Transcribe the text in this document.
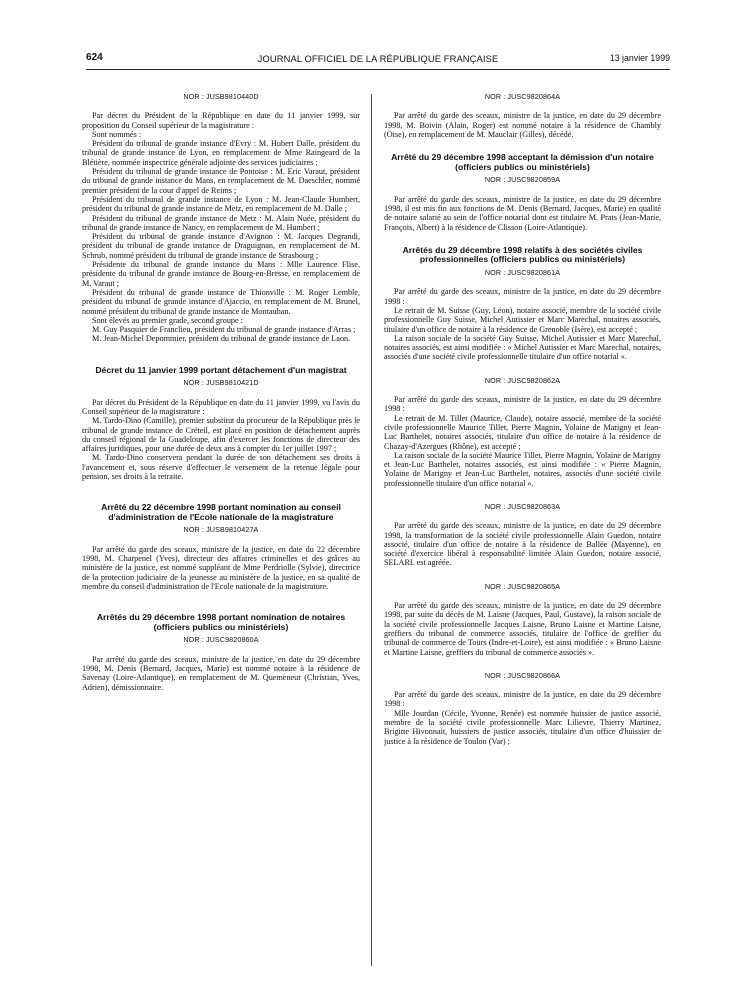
624	JOURNAL OFFICIEL DE LA RÉPUBLIQUE FRANÇAISE	13 janvier 1999
NOR : JUSB9810440D

Par décret du Président de la République en date du 11 janvier 1999, sur proposition du Conseil supérieur de la magistrature :

Sont nommés :

Président du tribunal de grande instance d'Evry : M. Hubert Dalle, président du tribunal de grande instance de Lyon, en remplacement de Mme Raingeard de la Blétière, nommée inspectrice générale adjointe des services judiciaires ;

Président du tribunal de grande instance de Pontoise : M. Eric Varaut, président du tribunal de grande instance du Mans, en remplacement de M. Daeschler, nommé premier président de la cour d'appel de Reims ;

Président du tribunal de grande instance de Lyon : M. Jean-Claude Humbert, président du tribunal de grande instance de Metz, en remplacement de M. Dalle ;

Président du tribunal de grande instance de Metz : M. Alain Nuée, président du tribunal de grande instance de Nancy, en remplacement de M. Humbert ;

Président du tribunal de grande instance d'Avignon : M. Jacques Degrandi, président du tribunal de grande instance de Draguignan, en remplacement de M. Schrub, nommé président du tribunal de grande instance de Strasbourg ;

Présidente du tribunal de grande instance du Mans : Mlle Laurence Flise, présidente du tribunal de grande instance de Bourg-en-Bresse, en remplacement de M. Varaut ;

Président du tribunal de grande instance de Thionville : M. Roger Lemble, président du tribunal de grande instance d'Ajaccio, en remplacement de M. Brunel, nommé président du tribunal de grande instance de Montauban.

Sont élevés au premier grade, second groupe :

M. Guy Pasquier de Franclieu, président du tribunal de grande instance d'Arras ;

M. Jean-Michel Depommier, président du tribunal de grande instance de Laon.

Décret du 11 janvier 1999 portant détachement d'un magistrat
NOR : JUSB9810421D

Par décret du Président de la République en date du 11 janvier 1999, vu l'avis du Conseil supérieur de la magistrature :

M. Tardo-Dino (Camille), premier substitut du procureur de la République près le tribunal de grande instance de Créteil, est placé en position de détachement auprès du conseil régional de la Guadeloupe, afin d'exercer les fonctions de directeur des affaires juridiques, pour une durée de deux ans à compter du 1er juillet 1997 ;

M. Tardo-Dino conservera pendant la durée de son détachement ses droits à l'avancement et, sous réserve d'effectuer le versement de la retenue légale pour pension, ses droits à la retraite.

Arrêté du 22 décembre 1998 portant nomination au conseil d'administration de l'Ecole nationale de la magistrature
NOR : JUSB9810427A

Par arrêté du garde des sceaux, ministre de la justice, en date du 22 décembre 1998, M. Charpenel (Yves), directeur des affaires criminelles et des grâces au ministère de la justice, est nommé suppléant de Mme Perdriolle (Sylvie), directrice de la protection judiciaire de la jeunesse au ministère de la justice, en sa qualité de membre du conseil d'administration de l'Ecole nationale de la magistrature.

Arrêtés du 29 décembre 1998 portant nomination de notaires (officiers publics ou ministériels)
NOR : JUSC9820860A

Par arrêté du garde des sceaux, ministre de la justice, en date du 29 décembre 1998, M. Denis (Bernard, Jacques, Marie) est nommé notaire à la résidence de Savenay (Loire-Atlantique), en remplacement de M. Quemeneur (Christian, Yves, Adrien), démissionnaire.

NOR : JUSC9820864A

Par arrêté du garde des sceaux, ministre de la justice, en date du 29 décembre 1998, M. Boivin (Alain, Roger) est nommé notaire à la résidence de Chambly (Oise), en remplacement de M. Mauclair (Gilles), décédé.

Arrêté du 29 décembre 1998 acceptant la démission d'un notaire (officiers publics ou ministériels)
NOR : JUSC9820859A

Par arrêté du garde des sceaux, ministre de la justice, en date du 29 décembre 1998, il est mis fin aux fonctions de M. Denis (Bernard, Jacques, Marie) en qualité de notaire salarié au sein de l'office notarial dont est titulaire M. Prats (Jean-Marie, François, Albert) à la résidence de Clisson (Loire-Atlantique).

Arrêtés du 29 décembre 1998 relatifs à des sociétés civiles professionnelles (officiers publics ou ministériels)
NOR : JUSC9820861A

Par arrêté du garde des sceaux, ministre de la justice, en date du 29 décembre 1998 :

Le retrait de M. Suisse (Guy, Léon), notaire associé, membre de la société civile professionnelle Guy Suisse, Michel Autissier et Marc Marechal, notaires associés, titulaire d'un office de notaire à la résidence de Grenoble (Isère), est accepté ;

La raison sociale de la société Guy Suisse, Michel Autissier et Marc Marechal, notaires associés, est ainsi modifiée : « Michel Autissier et Marc Marechal, notaires, associés d'une société civile professionnelle titulaire d'un office notarial ».

NOR : JUSC9820862A

Par arrêté du garde des sceaux, ministre de la justice, en date du 29 décembre 1998 :

Le retrait de M. Tillet (Maurice, Claude), notaire associé, membre de la société civile professionnelle Maurice Tillet, Pierre Magnin, Yolaine de Marigny et Jean-Luc Barthelet, notaires associés, titulaire d'un office de notaire à la résidence de Chazay-d'Azergues (Rhône), est accepté ;

La raison sociale de la société Maurice Tillet, Pierre Magnin, Yolaine de Marigny et Jean-Luc Barthelet, notaires associés, est ainsi modifiée : « Pierre Magnin, Yolaine de Marigny et Jean-Luc Barthelet, notaires, associés d'une société civile professionnelle titulaire d'un office notarial ».

NOR : JUSC9820863A

Par arrêté du garde des sceaux, ministre de la justice, en date du 29 décembre 1998, la transformation de la société civile professionnelle Alain Guedon, notaire associé, titulaire d'un office de notaire à la résidence de Ballée (Mayenne), en société d'exercice libéral à responsabilité limitée Alain Guedon, notaire associé, SELARL est agréée.

NOR : JUSC9820865A

Par arrêté du garde des sceaux, ministre de la justice, en date du 29 décembre 1998, par suite du décès de M. Laisne (Jacques, Paul, Gustave), la raison sociale de la société civile professionnelle Jacques Laisne, Bruno Laisne et Martine Laisne, greffiers du tribunal de commerce associés, titulaire de l'office de greffier du tribunal de commerce de Tours (Indre-et-Loire), est ainsi modifiée : « Bruno Laisne et Martine Laisne, greffiers du tribunal de commerce associés ».

NOR : JUSC9820866A

Par arrêté du garde des sceaux, ministre de la justice, en date du 29 décembre 1998 :

Mlle Jourdan (Cécile, Yvonne, Renée) est nommée huissier de justice associé, membre de la société civile professionnelle Marc Lilievre, Thierry Martinez, Brigitte Hivonnait, huissiers de justice associés, titulaire d'un office d'huissier de justice à la résidence de Toulon (Var) ;
